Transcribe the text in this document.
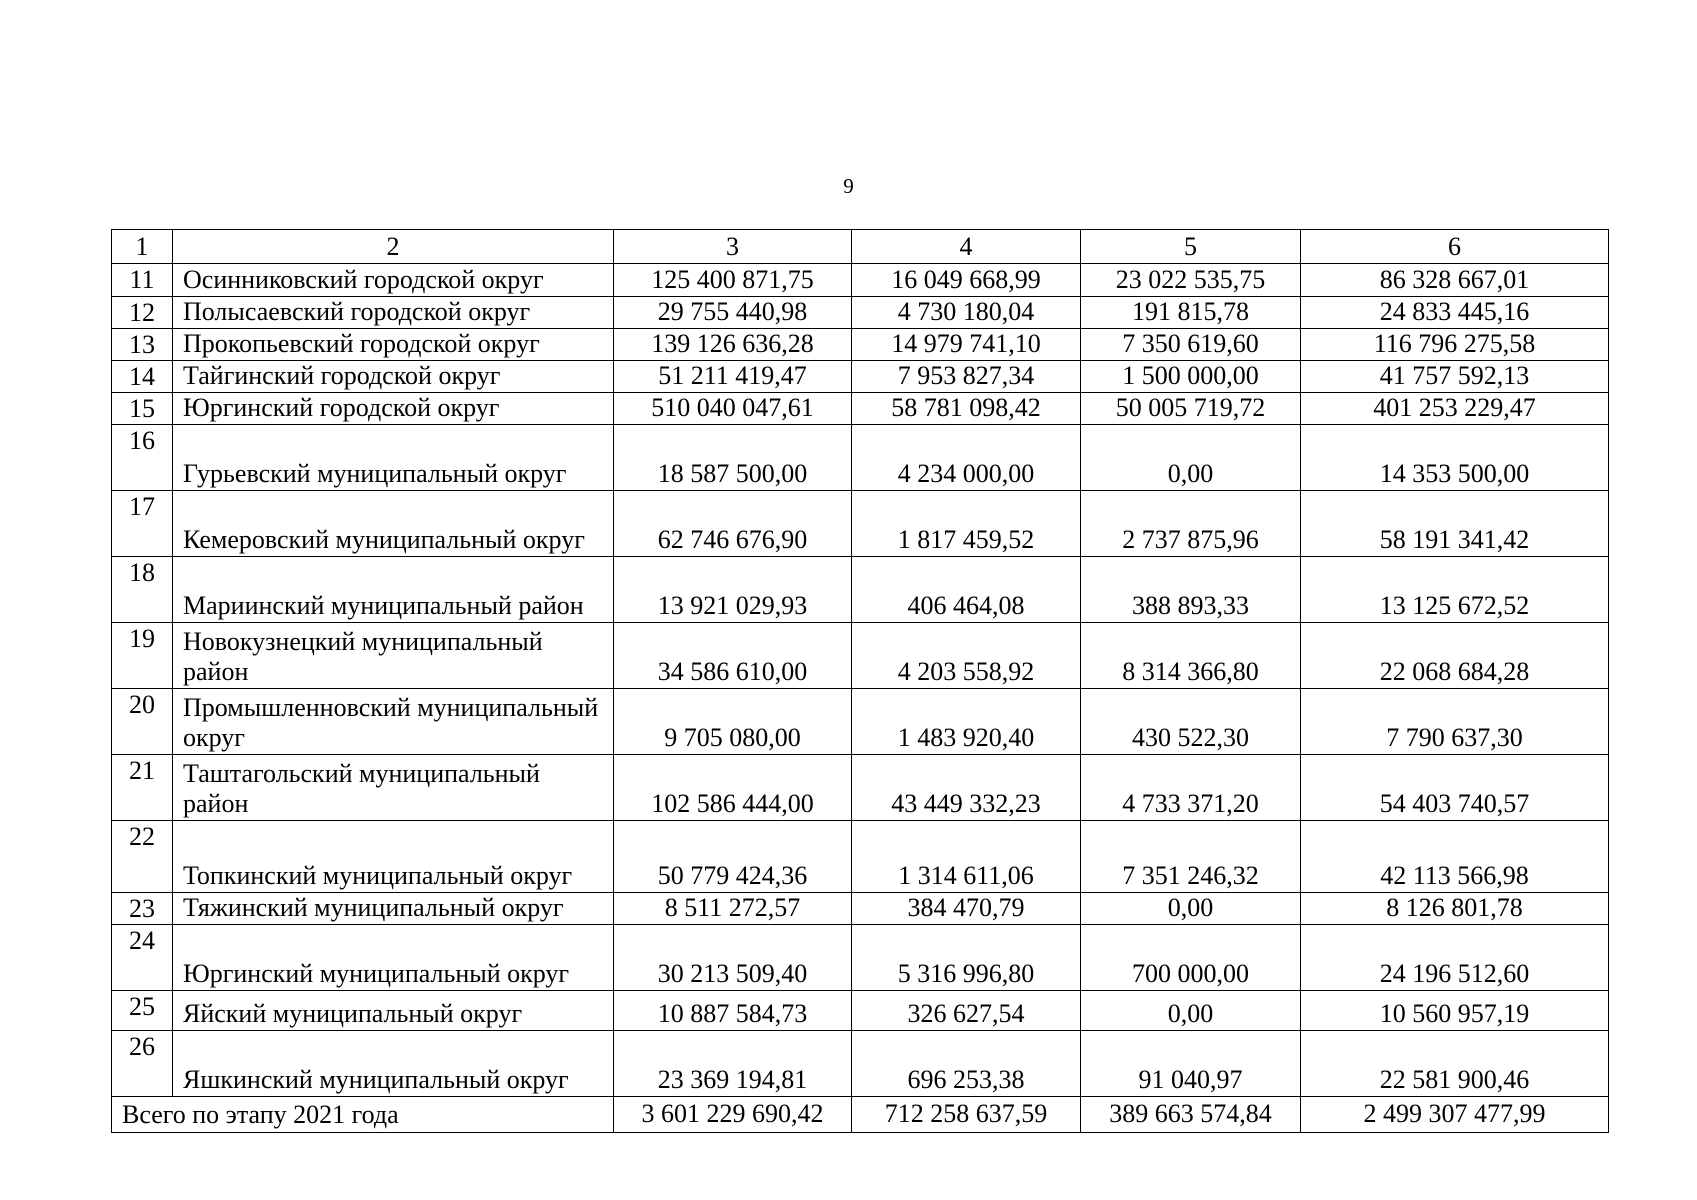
9
1	2	3	4	5	6
11	Осинниковский городской округ	125 400 871,75	16 049 668,99	23 022 535,75	86 328 667,01
12	Полысаевский городской округ	29 755 440,98	4 730 180,04	191 815,78	24 833 445,16
13	Прокопьевский городской округ	139 126 636,28	14 979 741,10	7 350 619,60	116 796 275,58
14	Тайгинский городской округ	51 211 419,47	7 953 827,34	1 500 000,00	41 757 592,13
15	Юргинский городской округ	510 040 047,61	58 781 098,42	50 005 719,72	401 253 229,47
16	Гурьевский муниципальный округ	18 587 500,00	4 234 000,00	0,00	14 353 500,00
17	Кемеровский муниципальный округ	62 746 676,90	1 817 459,52	2 737 875,96	58 191 341,42
18	Мариинский муниципальный район	13 921 029,93	406 464,08	388 893,33	13 125 672,52
19	Новокузнецкий муниципальный район	34 586 610,00	4 203 558,92	8 314 366,80	22 068 684,28
20	Промышленновский муниципальный округ	9 705 080,00	1 483 920,40	430 522,30	7 790 637,30
21	Таштагольский муниципальный район	102 586 444,00	43 449 332,23	4 733 371,20	54 403 740,57
22	Топкинский муниципальный округ	50 779 424,36	1 314 611,06	7 351 246,32	42 113 566,98
23	Тяжинский муниципальный округ	8 511 272,57	384 470,79	0,00	8 126 801,78
24	Юргинский муниципальный округ	30 213 509,40	5 316 996,80	700 000,00	24 196 512,60
25	Яйский муниципальный округ	10 887 584,73	326 627,54	0,00	10 560 957,19
26	Яшкинский муниципальный округ	23 369 194,81	696 253,38	91 040,97	22 581 900,46
Всего по этапу 2021 года		3 601 229 690,42	712 258 637,59	389 663 574,84	2 499 307 477,99
